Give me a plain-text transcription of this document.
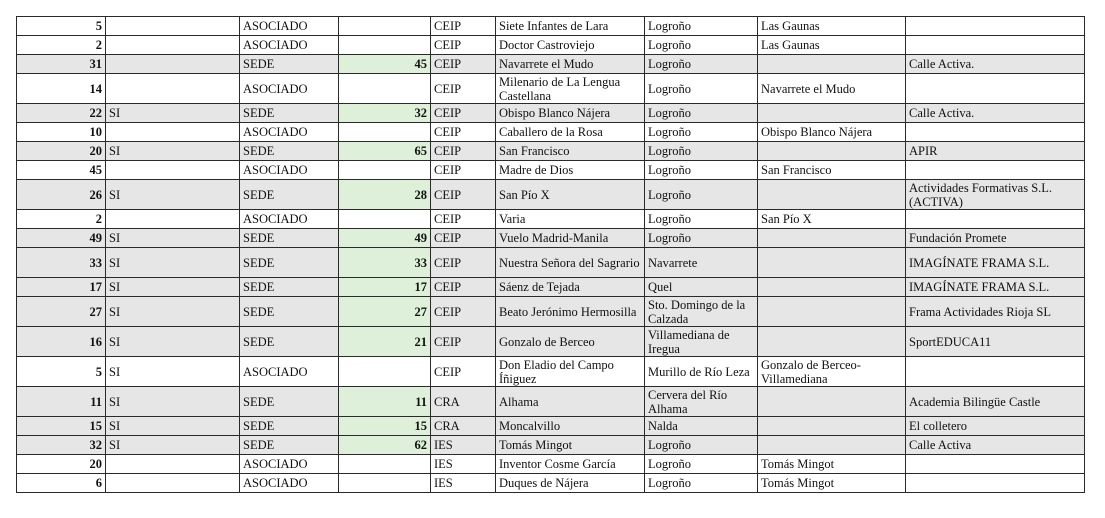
5		ASOCIADO		CEIP	Siete Infantes de Lara	Logroño	Las Gaunas	
2		ASOCIADO		CEIP	Doctor Castroviejo	Logroño	Las Gaunas	
31		SEDE	45	CEIP	Navarrete el Mudo	Logroño		Calle Activa.
14		ASOCIADO		CEIP	Milenario de La Lengua Castellana	Logroño	Navarrete el Mudo	
22	SI	SEDE	32	CEIP	Obispo Blanco Nájera	Logroño		Calle Activa.
10		ASOCIADO		CEIP	Caballero de la Rosa	Logroño	Obispo Blanco Nájera	
20	SI	SEDE	65	CEIP	San Francisco	Logroño		APIR
45		ASOCIADO		CEIP	Madre de Dios	Logroño	San Francisco	
26	SI	SEDE	28	CEIP	San Pío X	Logroño		Actividades Formativas S.L. (ACTIVA)
2		ASOCIADO		CEIP	Varia	Logroño	San Pío X	
49	SI	SEDE	49	CEIP	Vuelo Madrid-Manila	Logroño		Fundación Promete
33	SI	SEDE	33	CEIP	Nuestra Señora del Sagrario	Navarrete		IMAGÍNATE FRAMA S.L.
17	SI	SEDE	17	CEIP	Sáenz de Tejada	Quel		IMAGÍNATE FRAMA S.L.
27	SI	SEDE	27	CEIP	Beato Jerónimo Hermosilla	Sto. Domingo de la Calzada		Frama Actividades Rioja SL
16	SI	SEDE	21	CEIP	Gonzalo de Berceo	Villamediana de Iregua		SportEDUCA11
5	SI	ASOCIADO		CEIP	Don Eladio del Campo Íñiguez	Murillo de Río Leza	Gonzalo de Berceo-Villamediana	
11	SI	SEDE	11	CRA	Alhama	Cervera del Río Alhama		Academia Bilingüe Castle
15	SI	SEDE	15	CRA	Moncalvillo	Nalda		El colletero
32	SI	SEDE	62	IES	Tomás Mingot	Logroño		Calle Activa
20		ASOCIADO		IES	Inventor Cosme García	Logroño	Tomás Mingot	
6		ASOCIADO		IES	Duques de Nájera	Logroño	Tomás Mingot	
